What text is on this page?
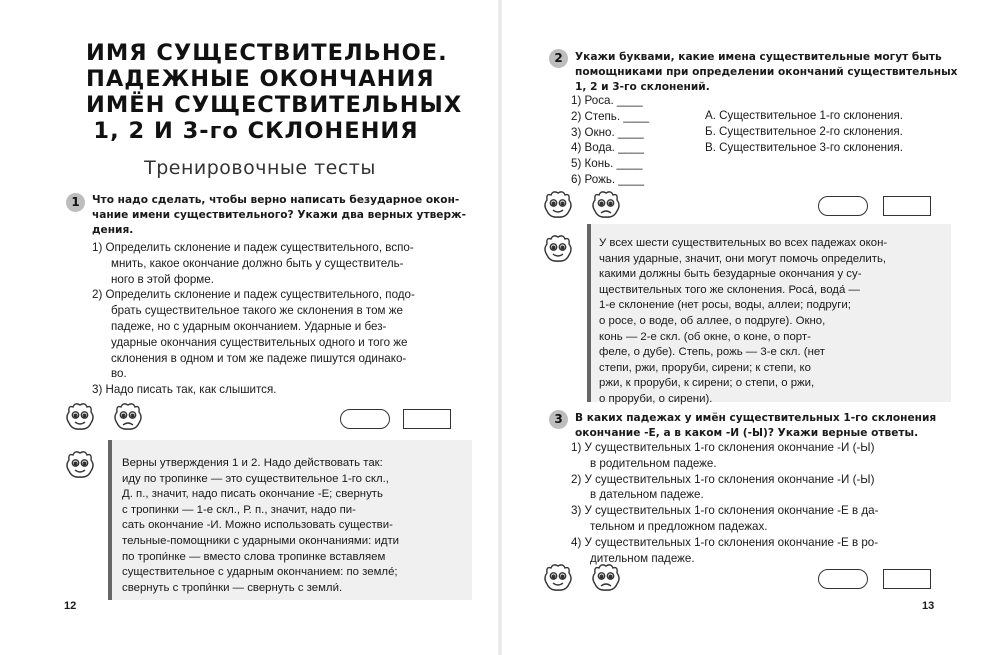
ИМЯ СУЩЕСТВИТЕЛЬНОЕ.
ПАДЕЖНЫЕ ОКОНЧАНИЯ
ИМЁН СУЩЕСТВИТЕЛЬНЫХ
1, 2 И 3-го СКЛОНЕНИЯ
Тренировочные тесты
1	Что надо сделать, чтобы верно написать безударное окон-
чание имени существительного? Укажи два верных утверж-
дения.
1) Определить склонение и падеж существительного, вспо-
мнить, какое окончание должно быть у существитель-
ного в этой форме.
2) Определить склонение и падеж существительного, подо-
брать существительное такого же склонения в том же
падеже, но с ударным окончанием. Ударные и без-
ударные окончания существительных одного и того же
склонения в одном и том же падеже пишутся одинако-
во.
3) Надо писать так, как слышится.
Верны утверждения 1 и 2. Надо действовать так:
иду по тропинке — это существительное 1-го скл.,
Д. п., значит, надо писать окончание -Е; свернуть
с тропинки — 1-е скл., Р. п., значит, надо пи-
сать окончание -И. Можно использовать существи-
тельные-помощники с ударными окончаниями: идти
по тропи́нке — вместо слова тропинке вставляем
существительное с ударным окончанием: по земле́;
свернуть с тропи́нки — свернуть с земли́.
12
2	Укажи буквами, какие имена существительные могут быть
помощниками при определении окончаний существительных
1, 2 и 3-го склонений.
1) Роса. ____
2) Степь. ____
3) Окно. ____
4) Вода. ____
5) Конь. ____
6) Рожь. ____
А. Существительное 1-го склонения.
Б. Существительное 2-го склонения.
В. Существительное 3-го склонения.
У всех шести существительных во всех падежах окон-
чания ударные, значит, они могут помочь определить,
какими должны быть безударные окончания у су-
ществительных того же склонения. Роса́, вода́ —
1-е склонение (нет росы, воды, аллеи; подруги;
о росе, о воде, об аллее, о подруге). Окно,
конь — 2-е скл. (об окне, о коне, о порт-
феле, о дубе). Степь, рожь — 3-е скл. (нет
степи, ржи, проруби, сирени; к степи, ко
ржи, к проруби, к сирени; о степи, о ржи,
о проруби, о сирени).
3	В каких падежах у имён существительных 1-го склонения
окончание -Е, а в каком -И (-Ы)? Укажи верные ответы.
1) У существительных 1-го склонения окончание -И (-Ы)
в родительном падеже.
2) У существительных 1-го склонения окончание -И (-Ы)
в дательном падеже.
3) У существительных 1-го склонения окончание -Е в да-
тельном и предложном падежах.
4) У существительных 1-го склонения окончание -Е в ро-
дительном падеже.
13
